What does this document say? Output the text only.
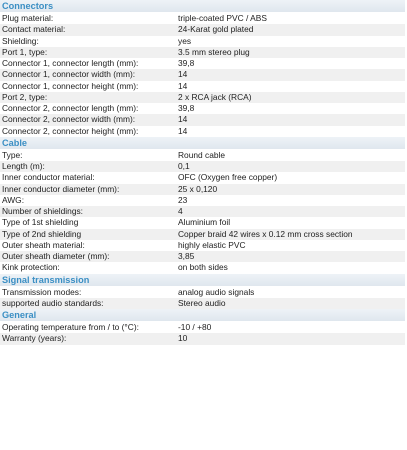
Connectors
Plug material:	triple-coated PVC / ABS
Contact material:	24-Karat gold plated
Shielding:	yes
Port 1, type:	3.5 mm stereo plug
Connector 1, connector length (mm):	39,8
Connector 1, connector width (mm):	14
Connector 1, connector height (mm):	14
Port 2, type:	2 x RCA jack (RCA)
Connector 2, connector length (mm):	39,8
Connector 2, connector width (mm):	14
Connector 2, connector height (mm):	14
Cable
Type:	Round cable
Length (m):	0,1
Inner conductor material:	OFC (Oxygen free copper)
Inner conductor diameter (mm):	25 x 0,120
AWG:	23
Number of shieldings:	4
Type of 1st shielding	Aluminium foil
Type of 2nd shielding	Copper braid 42 wires x 0.12 mm cross section
Outer sheath material:	highly elastic PVC
Outer sheath diameter (mm):	3,85
Kink protection:	on both sides
Signal transmission
Transmission modes:	analog audio signals
supported audio standards:	Stereo audio
General
Operating temperature from / to (°C):	-10 / +80
Warranty (years):	10
